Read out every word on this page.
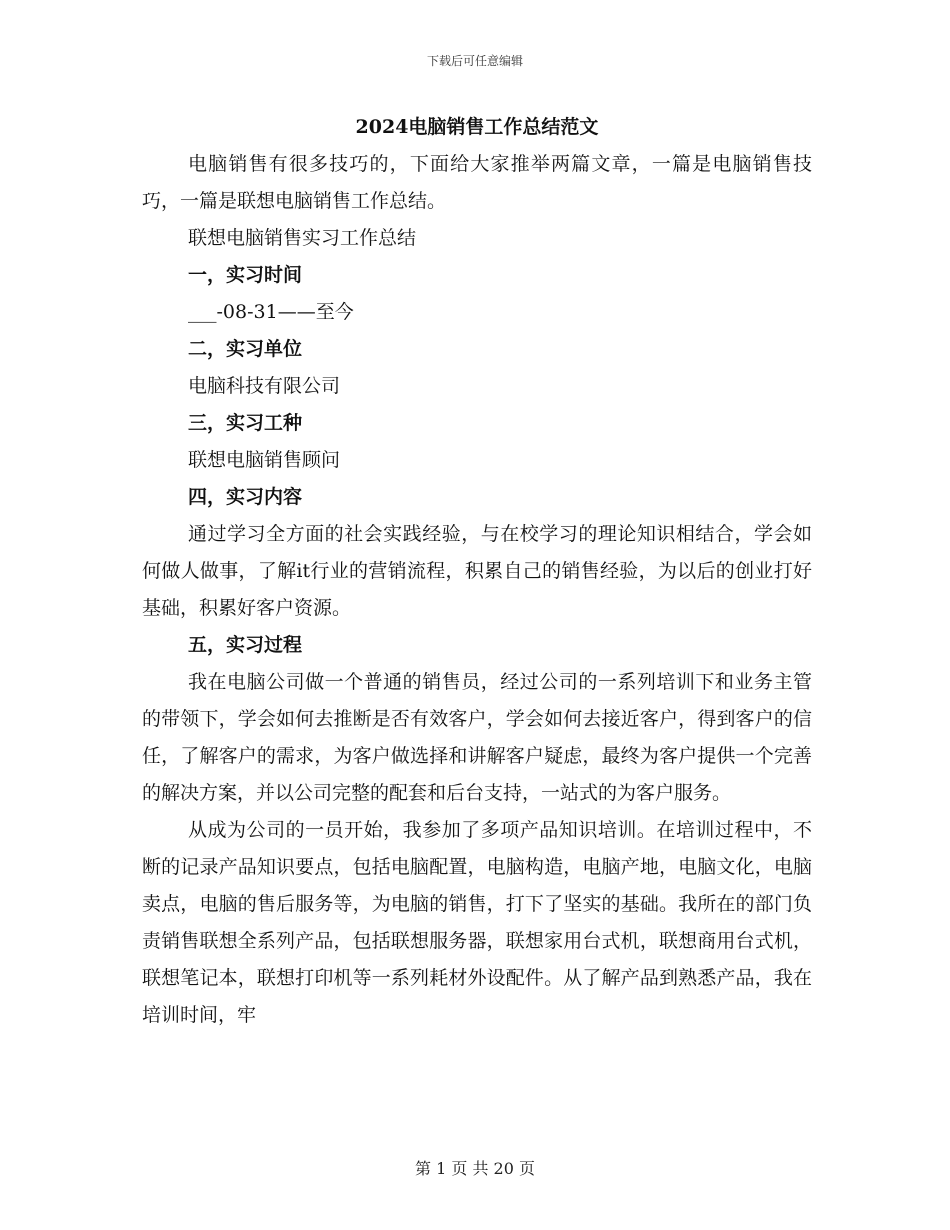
下载后可任意编辑

2024电脑销售工作总结范文

电脑销售有很多技巧的，下面给大家推举两篇文章，一篇是电脑销售技巧，一篇是联想电脑销售工作总结。

联想电脑销售实习工作总结

一，实习时间

___-08-31——至今

二，实习单位

电脑科技有限公司

三，实习工种

联想电脑销售顾问

四，实习内容

通过学习全方面的社会实践经验，与在校学习的理论知识相结合，学会如何做人做事，了解it行业的营销流程，积累自己的销售经验，为以后的创业打好基础，积累好客户资源。

五，实习过程

我在电脑公司做一个普通的销售员，经过公司的一系列培训下和业务主管的带领下，学会如何去推断是否有效客户，学会如何去接近客户，得到客户的信任，了解客户的需求，为客户做选择和讲解客户疑虑，最终为客户提供一个完善的解决方案，并以公司完整的配套和后台支持，一站式的为客户服务。

从成为公司的一员开始，我参加了多项产品知识培训。在培训过程中，不断的记录产品知识要点，包括电脑配置，电脑构造，电脑产地，电脑文化，电脑卖点，电脑的售后服务等，为电脑的销售，打下了坚实的基础。我所在的部门负责销售联想全系列产品，包括联想服务器，联想家用台式机，联想商用台式机，联想笔记本，联想打印机等一系列耗材外设配件。从了解产品到熟悉产品，我在培训时间，牢

第 1 页 共 20 页
